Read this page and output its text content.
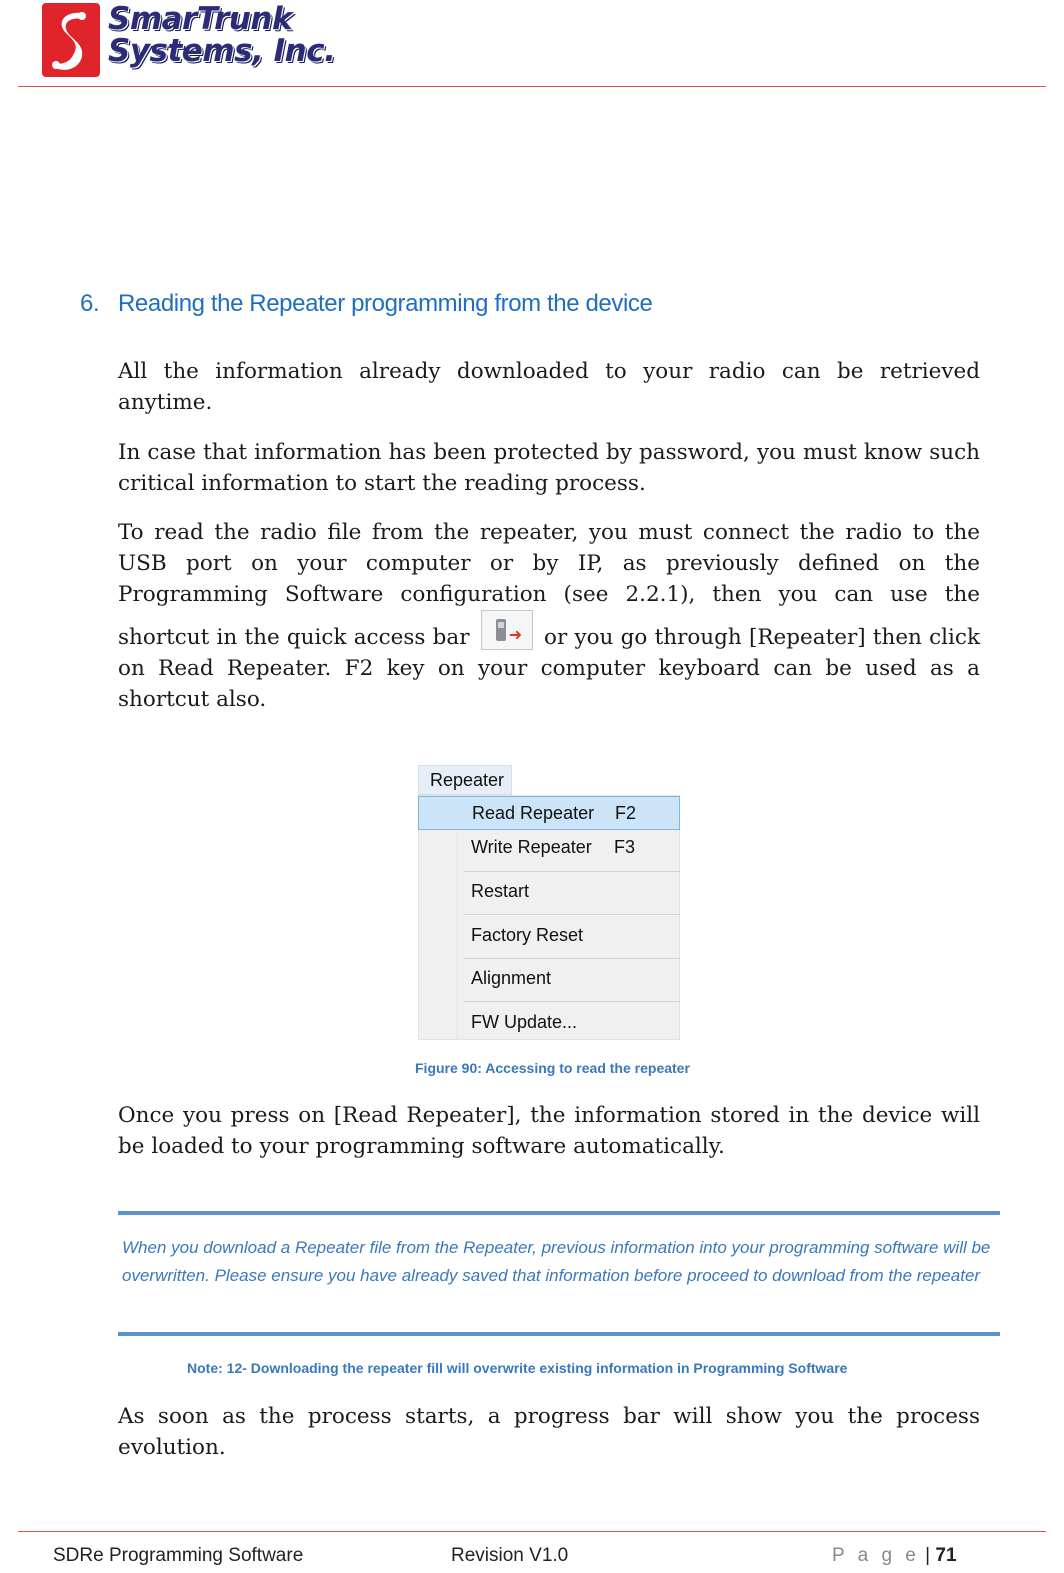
SmarTrunk
Systems, Inc.
6. Reading the Repeater programming from the device

All the information already downloaded to your radio can be retrieved anytime.

In case that information has been protected by password, you must know such critical information to start the reading process.

To read the radio file from the repeater, you must connect the radio to the USB port on your computer or by IP, as previously defined on the Programming Software configuration (see 2.2.1), then you can use the shortcut in the quick access bar ➜ or you go through [Repeater] then click on Read Repeater. F2 key on your computer keyboard can be used as a shortcut also.

Repeater
Read Repeater F2
Write Repeater F3
Restart
Factory Reset
Alignment
FW Update...
Figure 90: Accessing to read the repeater

Once you press on [Read Repeater], the information stored in the device will be loaded to your programming software automatically.

When you download a Repeater file from the Repeater, previous information into your programming software will be overwritten. Please ensure you have already saved that information before proceed to download from the repeater
Note: 12- Downloading the repeater fill will overwrite existing information in Programming Software

As soon as the process starts, a progress bar will show you the process evolution.

SDRe Programming Software	Revision V1.0	P a g e | 71
